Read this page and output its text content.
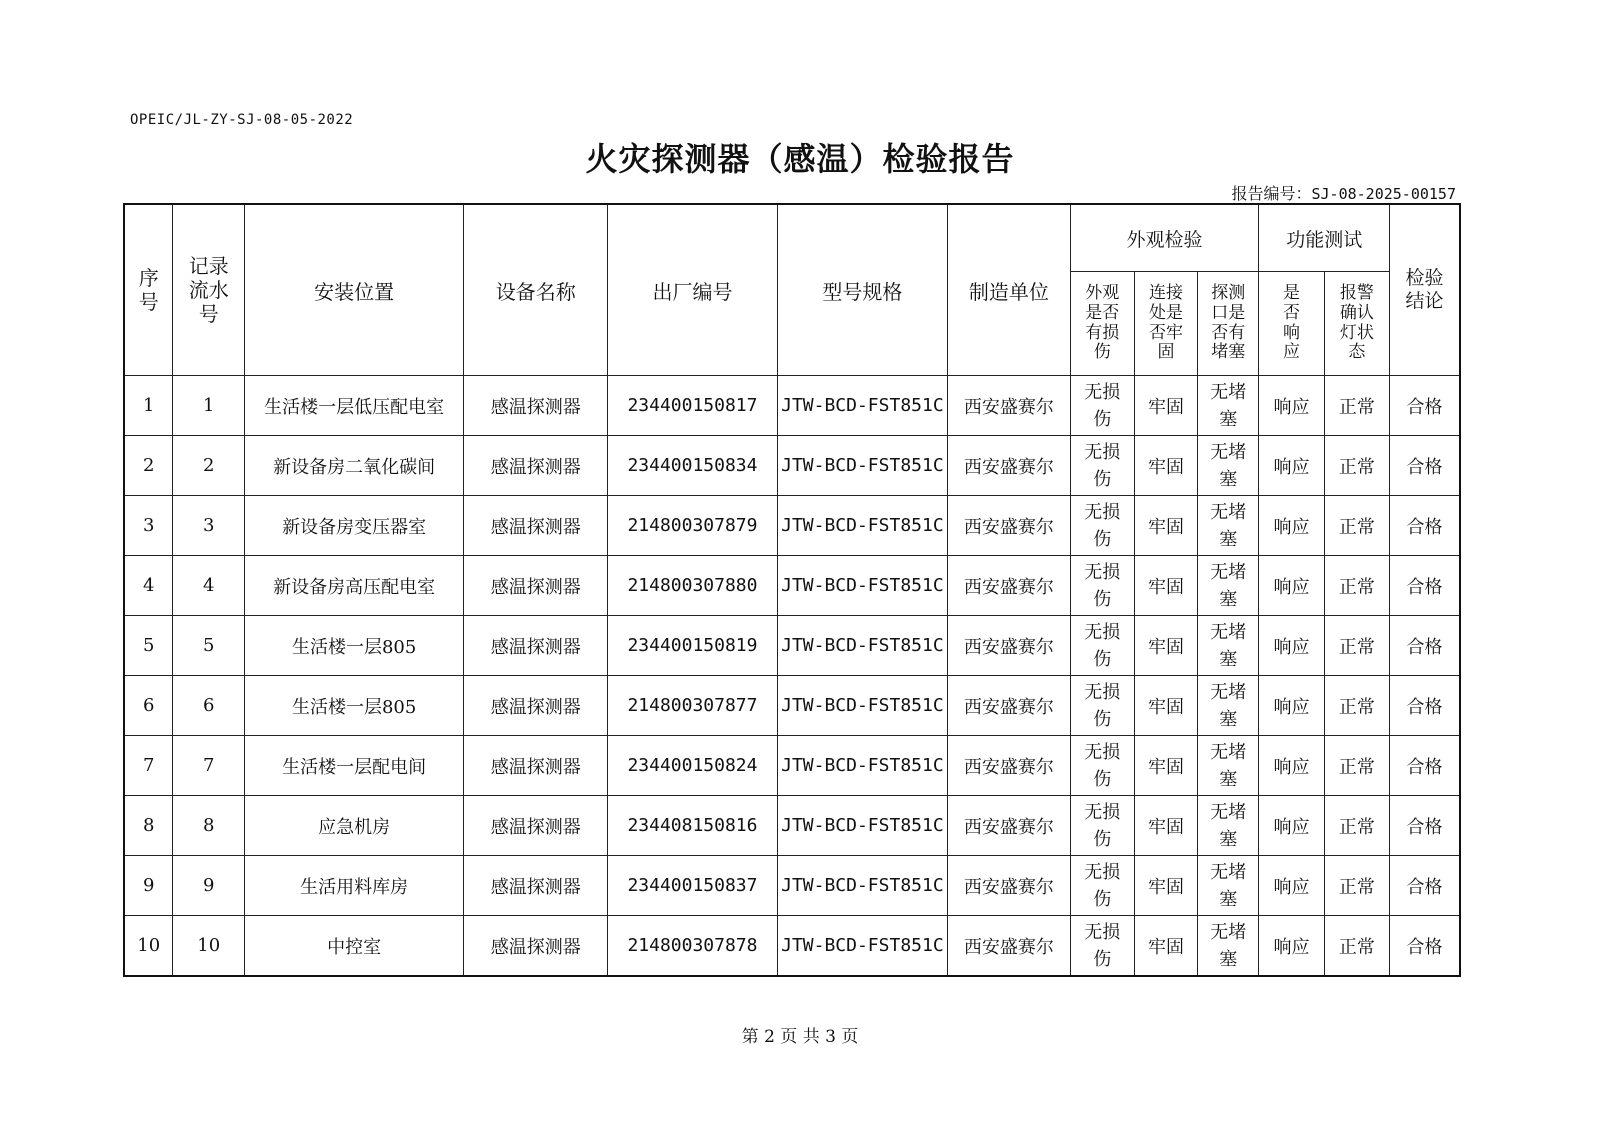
OPEIC/JL-ZY-SJ-08-05-2022
火灾探测器（感温）检验报告
报告编号：SJ-08-2025-00157
序号	记录流水号	安装位置	设备名称	出厂编号	型号规格	制造单位	外观检验			功能测试		检验结论

							外观是否有损伤	连接处是否牢固	探测口是否有堵塞	是否响应	报警确认灯状态	

1	1	生活楼一层低压配电室	感温探测器	234400150817	JTW-BCD-FST851C	西安盛赛尔	无损伤	牢固	无堵塞	响应	正常	合格
2	2	新设备房二氧化碳间	感温探测器	234400150834	JTW-BCD-FST851C	西安盛赛尔	无损伤	牢固	无堵塞	响应	正常	合格
3	3	新设备房变压器室	感温探测器	214800307879	JTW-BCD-FST851C	西安盛赛尔	无损伤	牢固	无堵塞	响应	正常	合格
4	4	新设备房高压配电室	感温探测器	214800307880	JTW-BCD-FST851C	西安盛赛尔	无损伤	牢固	无堵塞	响应	正常	合格
5	5	生活楼一层805	感温探测器	234400150819	JTW-BCD-FST851C	西安盛赛尔	无损伤	牢固	无堵塞	响应	正常	合格
6	6	生活楼一层805	感温探测器	214800307877	JTW-BCD-FST851C	西安盛赛尔	无损伤	牢固	无堵塞	响应	正常	合格
7	7	生活楼一层配电间	感温探测器	234400150824	JTW-BCD-FST851C	西安盛赛尔	无损伤	牢固	无堵塞	响应	正常	合格
8	8	应急机房	感温探测器	234408150816	JTW-BCD-FST851C	西安盛赛尔	无损伤	牢固	无堵塞	响应	正常	合格
9	9	生活用料库房	感温探测器	234400150837	JTW-BCD-FST851C	西安盛赛尔	无损伤	牢固	无堵塞	响应	正常	合格
10	10	中控室	感温探测器	214800307878	JTW-BCD-FST851C	西安盛赛尔	无损伤	牢固	无堵塞	响应	正常	合格
第 2 页 共 3 页
